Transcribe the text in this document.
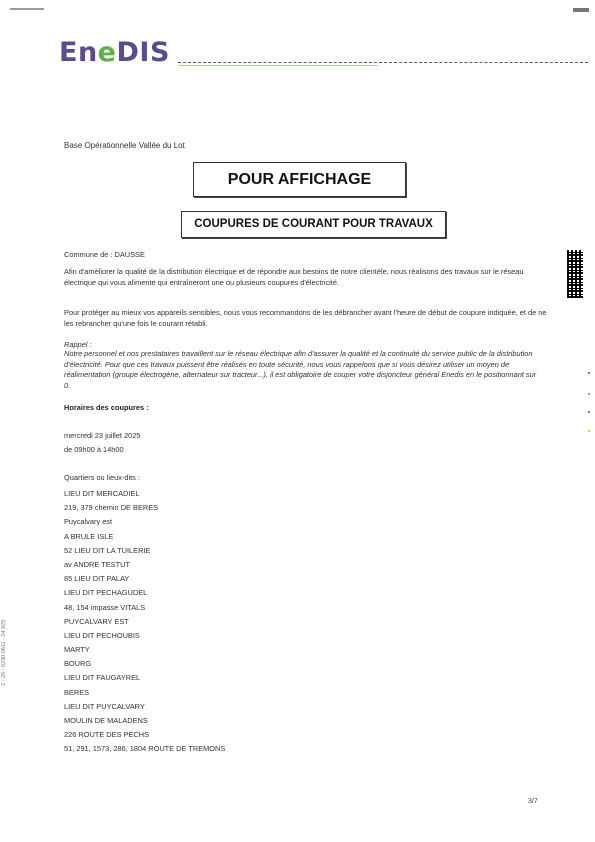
EneDIS
Base Opérationnelle Vallée du Lot
POUR AFFICHAGE
COUPURES DE COURANT POUR TRAVAUX
Commune de : DAUSSE
Afin d'améliorer la qualité de la distribution électrique et de répondre aux besoins de notre clientèle, nous réalisons des travaux sur le réseau électrique qui vous alimente qui entraîneront une ou plusieurs coupures d'électricité.
Pour protéger au mieux vos appareils sensibles, nous vous recommandons de les débrancher avant l'heure de début de coupure indiquée, et de ne les rebrancher qu'une fois le courant rétabli.
Rappel :
Notre personnel et nos prestataires travaillent sur le réseau électrique afin d'assurer la qualité et la continuité du service public de la distribution d'électricité. Pour que ces travaux puissent être réalisés en toute sécurité, nous vous rappelons que si vous désirez utiliser un moyen de réalimentation (groupe électrogène, alternateur sur tracteur...), il est obligatoire de couper votre disjoncteur général Enedis en le positionnant sur 0.
Horaires des coupures :
mercredi 23 juillet 2025
de 09h00 à 14h00
Quartiers ou lieux-dits :
LIEU DIT MERCADIEL
219, 379 chemin DE BERES
Puycalvary est
A BRULE ISLE
52 LIEU DIT LA TUILERIE
av ANDRE TESTUT
85 LIEU DIT PALAY
LIEU DIT PECHAGUDEL
48, 154 impasse VITALS
PUYCALVARY EST
LIEU DIT PECHOUBIS
MARTY
BOURG
LIEU DIT FAUGAYREL
BERES
LIEU DIT PUYCALVARY
MOULIN DE MALADENS
226 ROUTE DES PECHS
51, 291, 1573, 286, 1804 ROUTE DE TREMONS
3/7
2 - 25 - 6230 0811 - 24 925
